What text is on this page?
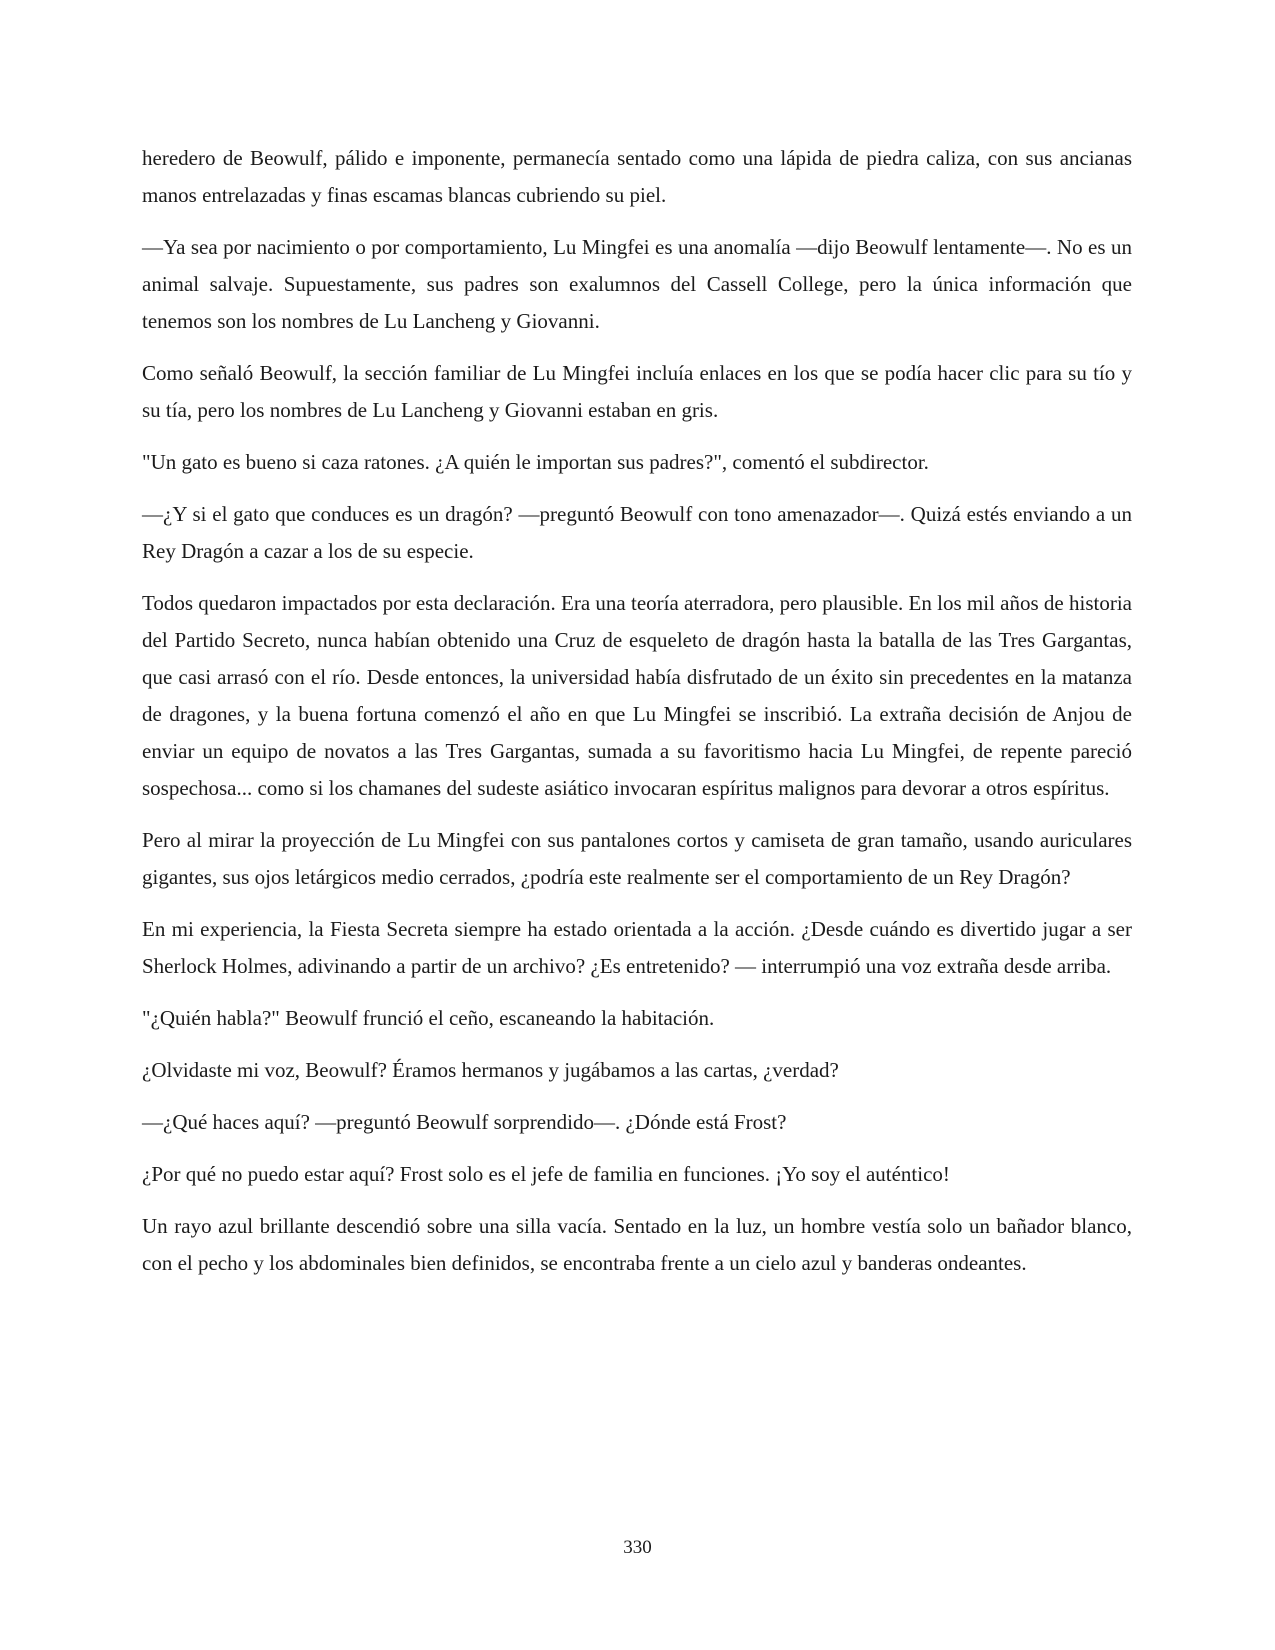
heredero de Beowulf, pálido e imponente, permanecía sentado como una lápida de piedra caliza, con sus ancianas manos entrelazadas y finas escamas blancas cubriendo su piel.

—Ya sea por nacimiento o por comportamiento, Lu Mingfei es una anomalía —dijo Beowulf lentamente—. No es un animal salvaje. Supuestamente, sus padres son exalumnos del Cassell College, pero la única información que tenemos son los nombres de Lu Lancheng y Giovanni.

Como señaló Beowulf, la sección familiar de Lu Mingfei incluía enlaces en los que se podía hacer clic para su tío y su tía, pero los nombres de Lu Lancheng y Giovanni estaban en gris.

"Un gato es bueno si caza ratones. ¿A quién le importan sus padres?", comentó el subdirector.

—¿Y si el gato que conduces es un dragón? —preguntó Beowulf con tono amenazador—. Quizá estés enviando a un Rey Dragón a cazar a los de su especie.

Todos quedaron impactados por esta declaración. Era una teoría aterradora, pero plausible. En los mil años de historia del Partido Secreto, nunca habían obtenido una Cruz de esqueleto de dragón hasta la batalla de las Tres Gargantas, que casi arrasó con el río. Desde entonces, la universidad había disfrutado de un éxito sin precedentes en la matanza de dragones, y la buena fortuna comenzó el año en que Lu Mingfei se inscribió. La extraña decisión de Anjou de enviar un equipo de novatos a las Tres Gargantas, sumada a su favoritismo hacia Lu Mingfei, de repente pareció sospechosa... como si los chamanes del sudeste asiático invocaran espíritus malignos para devorar a otros espíritus.

Pero al mirar la proyección de Lu Mingfei con sus pantalones cortos y camiseta de gran tamaño, usando auriculares gigantes, sus ojos letárgicos medio cerrados, ¿podría este realmente ser el comportamiento de un Rey Dragón?

En mi experiencia, la Fiesta Secreta siempre ha estado orientada a la acción. ¿Desde cuándo es divertido jugar a ser Sherlock Holmes, adivinando a partir de un archivo? ¿Es entretenido? — interrumpió una voz extraña desde arriba.

"¿Quién habla?" Beowulf frunció el ceño, escaneando la habitación.

¿Olvidaste mi voz, Beowulf? Éramos hermanos y jugábamos a las cartas, ¿verdad?

—¿Qué haces aquí? —preguntó Beowulf sorprendido—. ¿Dónde está Frost?

¿Por qué no puedo estar aquí? Frost solo es el jefe de familia en funciones. ¡Yo soy el auténtico!

Un rayo azul brillante descendió sobre una silla vacía. Sentado en la luz, un hombre vestía solo un bañador blanco, con el pecho y los abdominales bien definidos, se encontraba frente a un cielo azul y banderas ondeantes.

330
